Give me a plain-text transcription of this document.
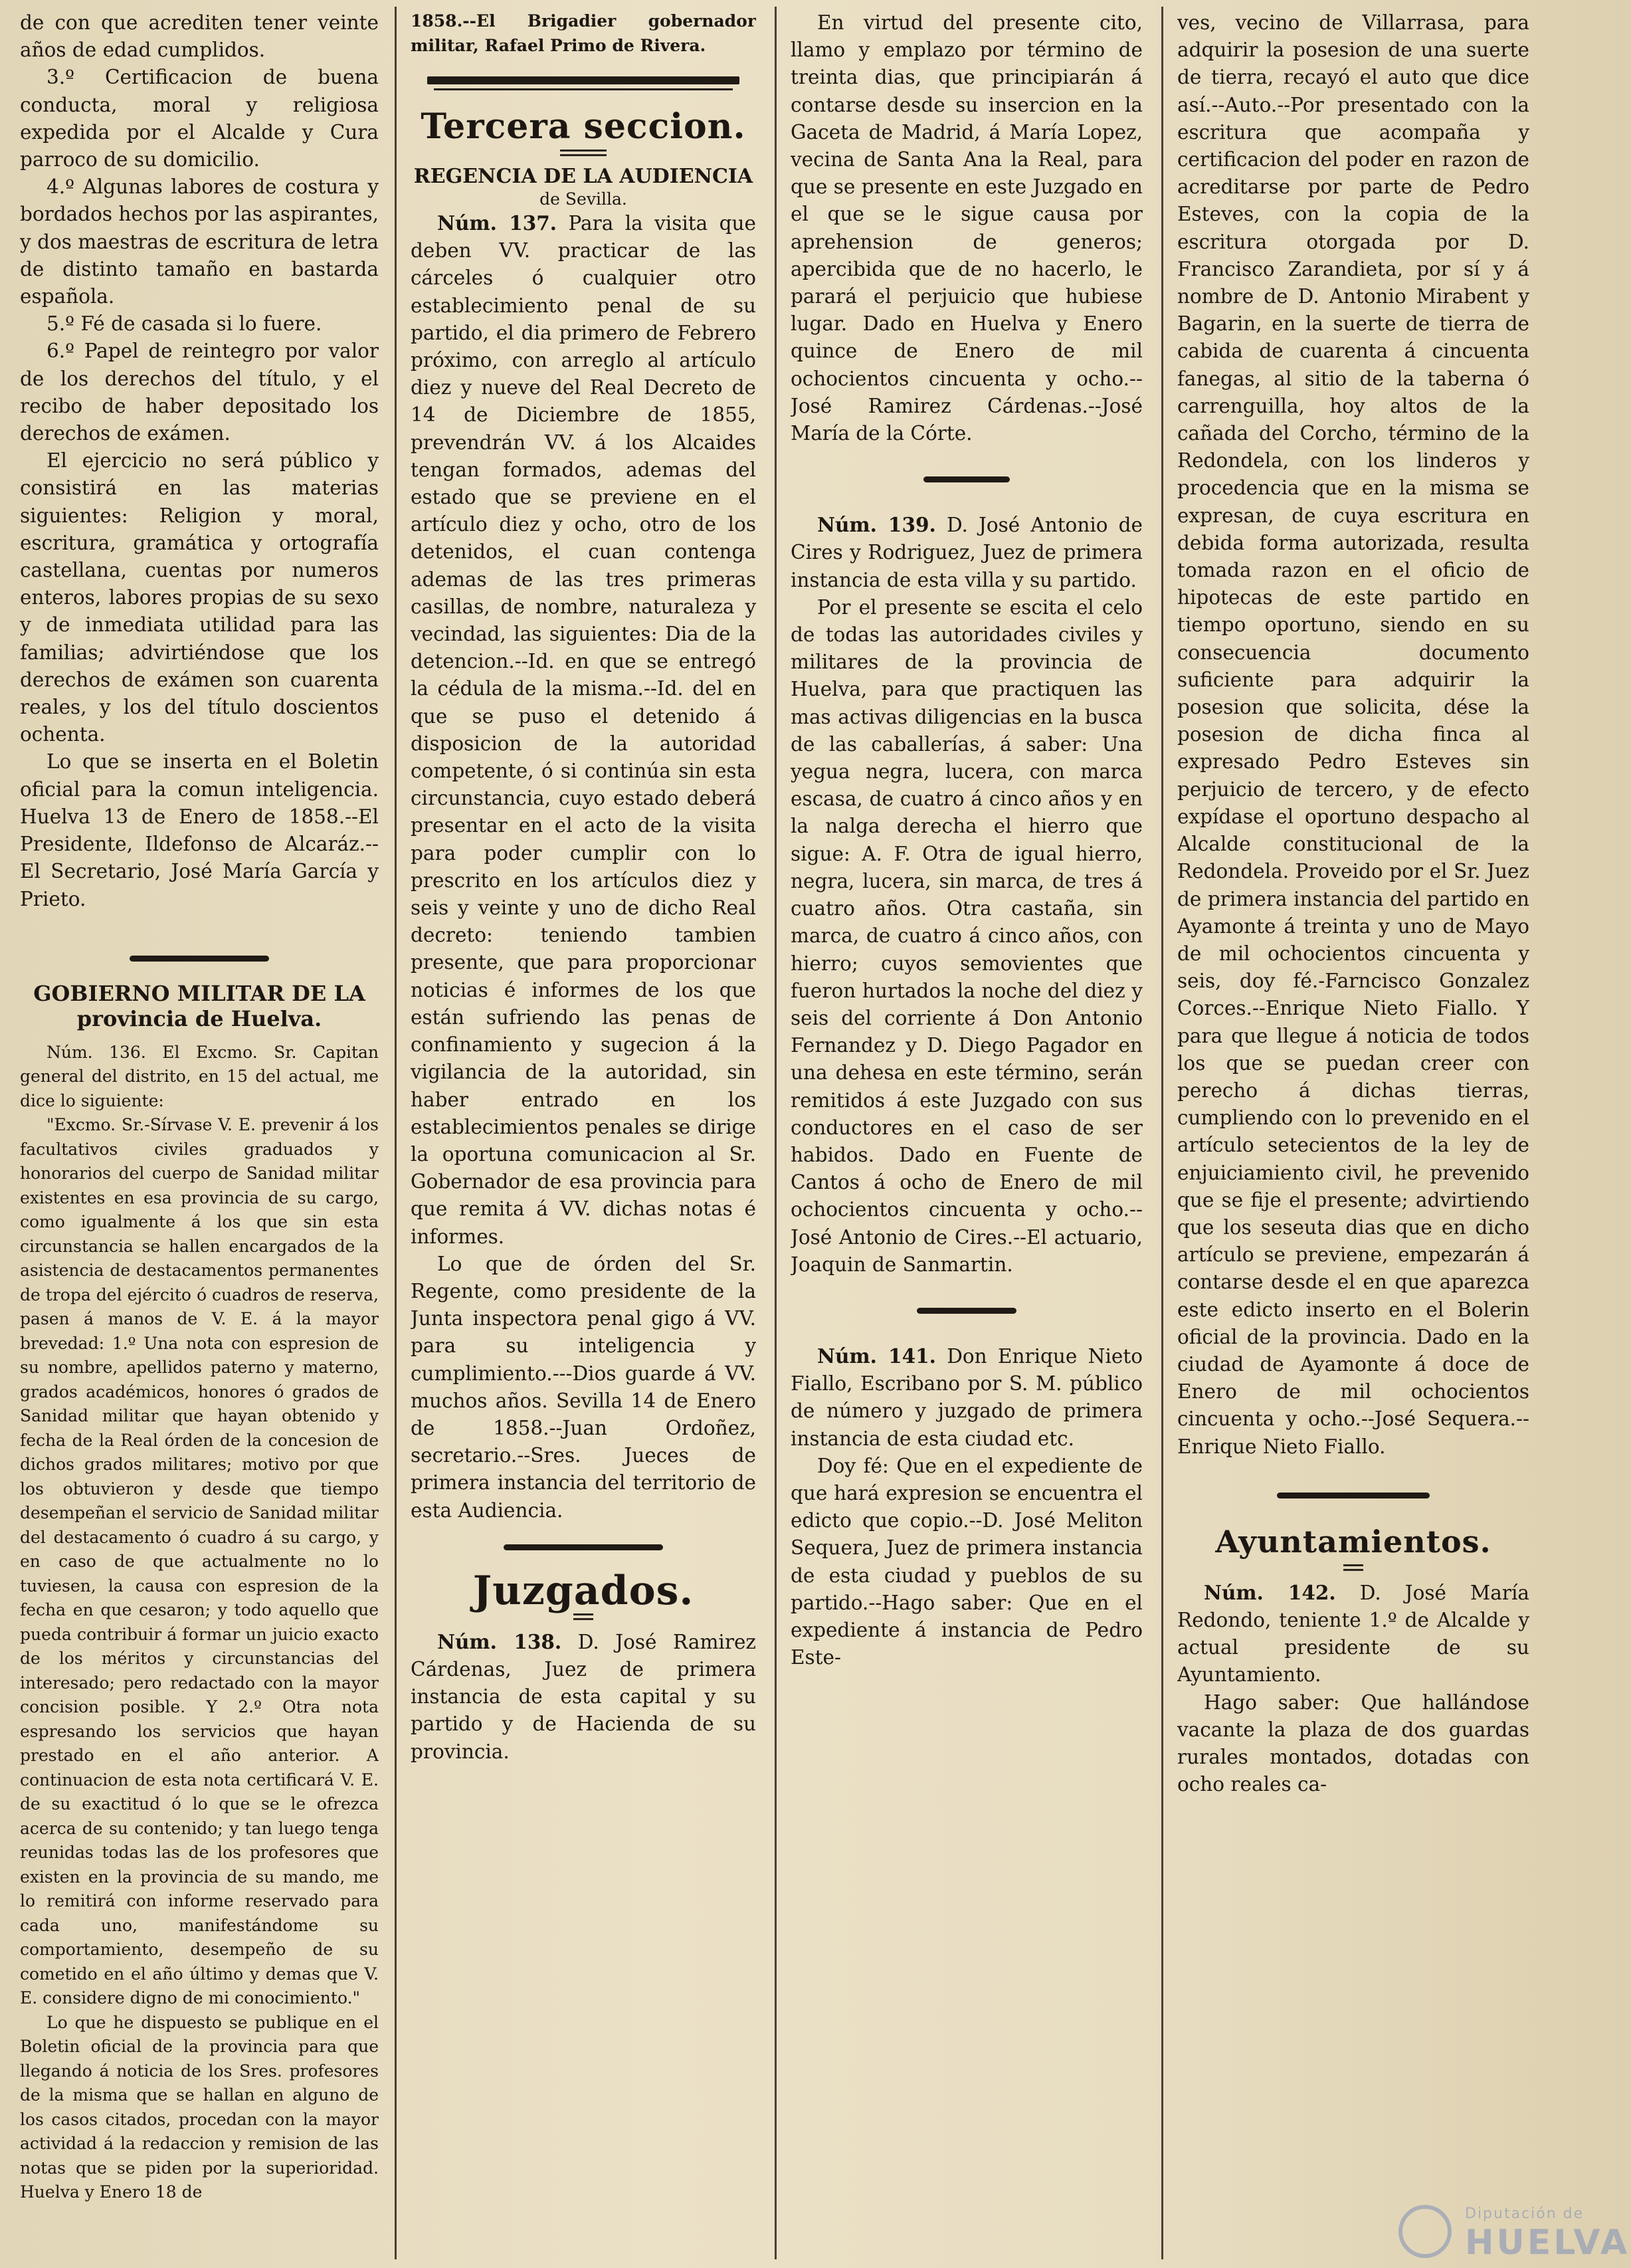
de con que acrediten tener veinte años de edad cumplidos.

3.º Certificacion de buena conducta, moral y religiosa expedida por el Alcalde y Cura parroco de su domicilio.

4.º Algunas labores de costura y bordados hechos por las aspirantes, y dos maestras de escritura de letra de distinto tamaño en bastarda española.

5.º Fé de casada si lo fuere.

6.º Papel de reintegro por valor de los derechos del título, y el recibo de haber depositado los derechos de exámen.

El ejercicio no será público y consistirá en las materias siguientes: Religion y moral, escritura, gramática y ortografía castellana, cuentas por numeros enteros, labores propias de su sexo y de inmediata utilidad para las familias; advirtiéndose que los derechos de exámen son cuarenta reales, y los del título doscientos ochenta.

Lo que se inserta en el Boletin oficial para la comun inteligencia. Huelva 13 de Enero de 1858.--El Presidente, Ildefonso de Alcaráz.--El Secretario, José María García y Prieto.

GOBIERNO MILITAR DE LA provincia de Huelva.

Núm. 136. El Excmo. Sr. Capitan general del distrito, en 15 del actual, me dice lo siguiente:

"Excmo. Sr.-Sírvase V. E. prevenir á los facultativos civiles graduados y honorarios del cuerpo de Sanidad militar existentes en esa provincia de su cargo, como igualmente á los que sin esta circunstancia se hallen encargados de la asistencia de destacamentos permanentes de tropa del ejército ó cuadros de reserva, pasen á manos de V. E. á la mayor brevedad: 1.º Una nota con espresion de su nombre, apellidos paterno y materno, grados académicos, honores ó grados de Sanidad militar que hayan obtenido y fecha de la Real órden de la concesion de dichos grados militares; motivo por que los obtuvieron y desde que tiempo desempeñan el servicio de Sanidad militar del destacamento ó cuadro á su cargo, y en caso de que actualmente no lo tuviesen, la causa con espresion de la fecha en que cesaron; y todo aquello que pueda contribuir á formar un juicio exacto de los méritos y circunstancias del interesado; pero redactado con la mayor concision posible. Y 2.º Otra nota espresando los servicios que hayan prestado en el año anterior. A continuacion de esta nota certificará V. E. de su exactitud ó lo que se le ofrezca acerca de su contenido; y tan luego tenga reunidas todas las de los profesores que existen en la provincia de su mando, me lo remitirá con informe reservado para cada uno, manifestándome su comportamiento, desempeño de su cometido en el año último y demas que V. E. considere digno de mi conocimiento."

Lo que he dispuesto se publique en el Boletin oficial de la provincia para que llegando á noticia de los Sres. profesores de la misma que se hallan en alguno de los casos citados, procedan con la mayor actividad á la redaccion y remision de las notas que se piden por la superioridad. Huelva y Enero 18 de

1858.--El Brigadier gobernador militar, Rafael Primo de Rivera.

Tercera seccion.

REGENCIA DE LA AUDIENCIA

de Sevilla.

Núm. 137. Para la visita que deben VV. practicar de las cárceles ó cualquier otro establecimiento penal de su partido, el dia primero de Febrero próximo, con arreglo al artículo diez y nueve del Real Decreto de 14 de Diciembre de 1855, prevendrán VV. á los Alcaides tengan formados, ademas del estado que se previene en el artículo diez y ocho, otro de los detenidos, el cuan contenga ademas de las tres primeras casillas, de nombre, naturaleza y vecindad, las siguientes: Dia de la detencion.--Id. en que se entregó la cédula de la misma.--Id. del en que se puso el detenido á disposicion de la autoridad competente, ó si continúa sin esta circunstancia, cuyo estado deberá presentar en el acto de la visita para poder cumplir con lo prescrito en los artículos diez y seis y veinte y uno de dicho Real decreto: teniendo tambien presente, que para proporcionar noticias é informes de los que están sufriendo las penas de confinamiento y sugecion á la vigilancia de la autoridad, sin haber entrado en los establecimientos penales se dirige la oportuna comunicacion al Sr. Gobernador de esa provincia para que remita á VV. dichas notas é informes.

Lo que de órden del Sr. Regente, como presidente de la Junta inspectora penal gigo á VV. para su inteligencia y cumplimiento.---Dios guarde á VV. muchos años. Sevilla 14 de Enero de 1858.--Juan Ordoñez, secretario.--Sres. Jueces de primera instancia del territorio de esta Audiencia.

Juzgados.

Núm. 138. D. José Ramirez Cárdenas, Juez de primera instancia de esta capital y su partido y de Hacienda de su provincia.

En virtud del presente cito, llamo y emplazo por término de treinta dias, que principiarán á contarse desde su insercion en la Gaceta de Madrid, á María Lopez, vecina de Santa Ana la Real, para que se presente en este Juzgado en el que se le sigue causa por aprehension de generos; apercibida que de no hacerlo, le parará el perjuicio que hubiese lugar. Dado en Huelva y Enero quince de Enero de mil ochocientos cincuenta y ocho.--José Ramirez Cárdenas.--José María de la Córte.

Núm. 139. D. José Antonio de Cires y Rodriguez, Juez de primera instancia de esta villa y su partido.

Por el presente se escita el celo de todas las autoridades civiles y militares de la provincia de Huelva, para que practiquen las mas activas diligencias en la busca de las caballerías, á saber: Una yegua negra, lucera, con marca escasa, de cuatro á cinco años y en la nalga derecha el hierro que sigue: A. F. Otra de igual hierro, negra, lucera, sin marca, de tres á cuatro años. Otra castaña, sin marca, de cuatro á cinco años, con hierro; cuyos semovientes que fueron hurtados la noche del diez y seis del corriente á Don Antonio Fernandez y D. Diego Pagador en una dehesa en este término, serán remitidos á este Juzgado con sus conductores en el caso de ser habidos. Dado en Fuente de Cantos á ocho de Enero de mil ochocientos cincuenta y ocho.--José Antonio de Cires.--El actuario, Joaquin de Sanmartin.

Núm. 141. Don Enrique Nieto Fiallo, Escribano por S. M. público de número y juzgado de primera instancia de esta ciudad etc.

Doy fé: Que en el expediente de que hará expresion se encuentra el edicto que copio.--D. José Meliton Sequera, Juez de primera instancia de esta ciudad y pueblos de su partido.--Hago saber: Que en el expediente á instancia de Pedro Este-

ves, vecino de Villarrasa, para adquirir la posesion de una suerte de tierra, recayó el auto que dice así.--Auto.--Por presentado con la escritura que acompaña y certificacion del poder en razon de acreditarse por parte de Pedro Esteves, con la copia de la escritura otorgada por D. Francisco Zarandieta, por sí y á nombre de D. Antonio Mirabent y Bagarin, en la suerte de tierra de cabida de cuarenta á cincuenta fanegas, al sitio de la taberna ó carrenguilla, hoy altos de la cañada del Corcho, término de la Redondela, con los linderos y procedencia que en la misma se expresan, de cuya escritura en debida forma autorizada, resulta tomada razon en el oficio de hipotecas de este partido en tiempo oportuno, siendo en su consecuencia documento suficiente para adquirir la posesion que solicita, dése la posesion de dicha finca al expresado Pedro Esteves sin perjuicio de tercero, y de efecto expídase el oportuno despacho al Alcalde constitucional de la Redondela. Proveido por el Sr. Juez de primera instancia del partido en Ayamonte á treinta y uno de Mayo de mil ochocientos cincuenta y seis, doy fé.-Farncisco Gonzalez Corces.--Enrique Nieto Fiallo. Y para que llegue á noticia de todos los que se puedan creer con perecho á dichas tierras, cumpliendo con lo prevenido en el artículo setecientos de la ley de enjuiciamiento civil, he prevenido que se fije el presente; advirtiendo que los seseuta dias que en dicho artículo se previene, empezarán á contarse desde el en que aparezca este edicto inserto en el Bolerin oficial de la provincia. Dado en la ciudad de Ayamonte á doce de Enero de mil ochocientos cincuenta y ocho.--José Sequera.--Enrique Nieto Fiallo.

Ayuntamientos.

Núm. 142. D. José María Redondo, teniente 1.º de Alcalde y actual presidente de su Ayuntamiento.

Hago saber: Que hallándose vacante la plaza de dos guardas rurales montados, dotadas con ocho reales ca-

Diputación de
HUELVA
